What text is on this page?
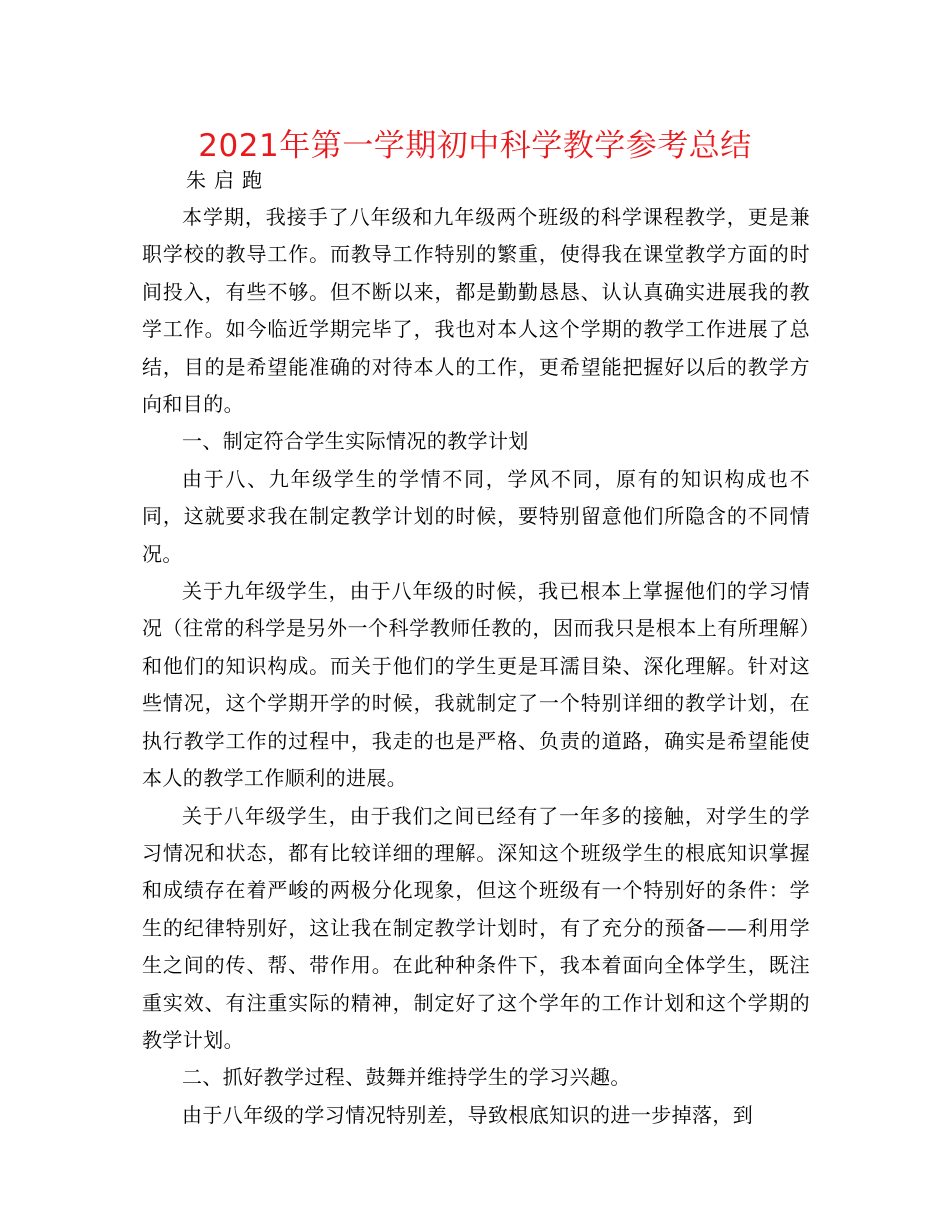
2021年第一学期初中科学教学参考总结
朱启跑

本学期，我接手了八年级和九年级两个班级的科学课程教学，更是兼职学校的教导工作。而教导工作特别的繁重，使得我在课堂教学方面的时间投入，有些不够。但不断以来，都是勤勤恳恳、认认真确实进展我的教学工作。如今临近学期完毕了，我也对本人这个学期的教学工作进展了总结，目的是希望能准确的对待本人的工作，更希望能把握好以后的教学方向和目的。

一、制定符合学生实际情况的教学计划

由于八、九年级学生的学情不同，学风不同，原有的知识构成也不同，这就要求我在制定教学计划的时候，要特别留意他们所隐含的不同情况。

关于九年级学生，由于八年级的时候，我已根本上掌握他们的学习情况（往常的科学是另外一个科学教师任教的，因而我只是根本上有所理解）和他们的知识构成。而关于他们的学生更是耳濡目染、深化理解。针对这些情况，这个学期开学的时候，我就制定了一个特别详细的教学计划，在执行教学工作的过程中，我走的也是严格、负责的道路，确实是希望能使本人的教学工作顺利的进展。

关于八年级学生，由于我们之间已经有了一年多的接触，对学生的学习情况和状态，都有比较详细的理解。深知这个班级学生的根底知识掌握和成绩存在着严峻的两极分化现象，但这个班级有一个特别好的条件：学生的纪律特别好，这让我在制定教学计划时，有了充分的预备——利用学生之间的传、帮、带作用。在此种种条件下，我本着面向全体学生，既注重实效、有注重实际的精神，制定好了这个学年的工作计划和这个学期的教学计划。

二、抓好教学过程、鼓舞并维持学生的学习兴趣。

由于八年级的学习情况特别差，导致根底知识的进一步掉落，到
